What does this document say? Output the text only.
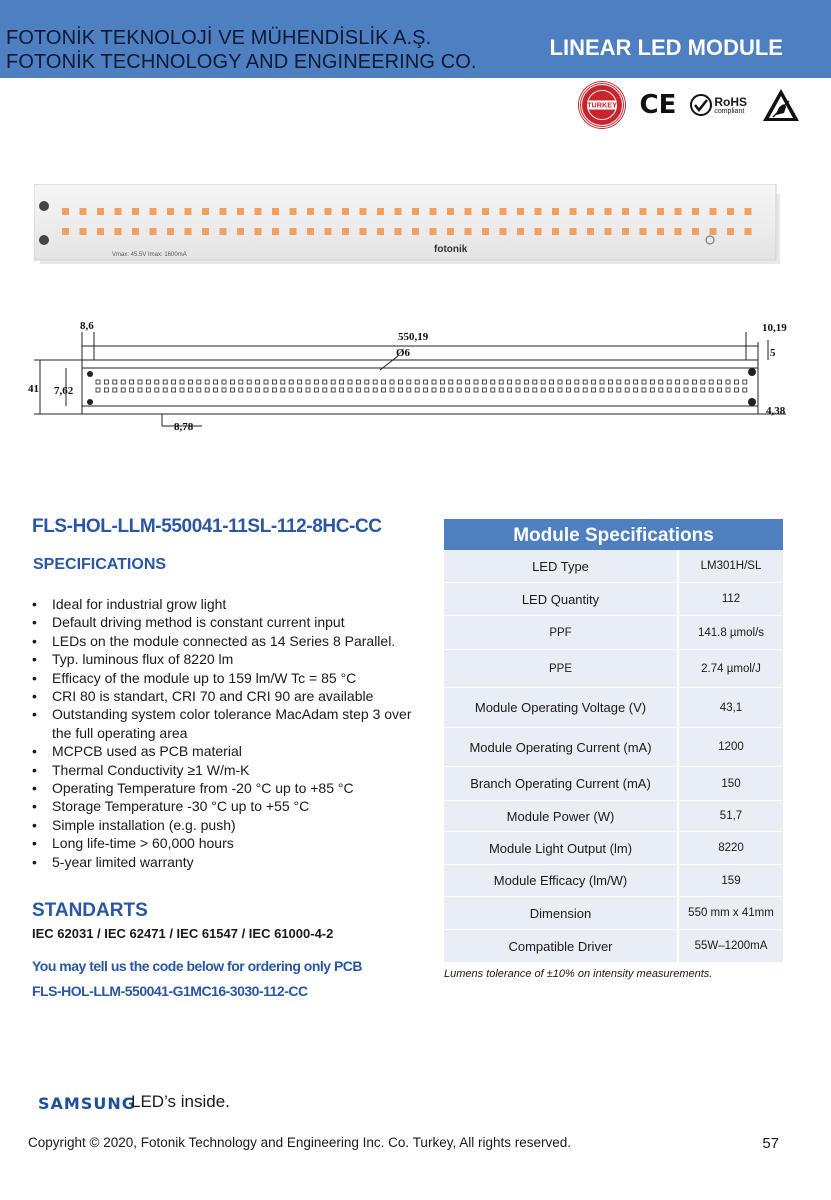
FOTONİK TEKNOLOJİ VE MÜHENDİSLİK A.Ş.
FOTONİK TECHNOLOGY AND ENGINEERING CO.
LINEAR LED MODULE
TURKEY CE	RoHS
compliant
Vmax: 45.5V Imax: 1600mA	fotonik
8,6
550,19
Ø6
10,19
5
41 7,62
8,78
4,38
FLS-HOL-LLM-550041-11SL-112-8HC-CC
SPECIFICATIONS
• Ideal for industrial grow light
• Default driving method is constant current input
• LEDs on the module connected as 14 Series 8 Parallel.
• Typ. luminous flux of 8220 lm
• Efficacy of the module up to 159 lm/W Tc = 85 °C
• CRI 80 is standart, CRI 70 and CRI 90 are available
• Outstanding system color tolerance MacAdam step 3 over the full operating area
• MCPCB used as PCB material
• Thermal Conductivity ≥1 W/m-K
• Operating Temperature from -20 °C up to +85 °C
• Storage Temperature -30 °C up to +55 °C
• Simple installation (e.g. push)
• Long life-time > 60,000 hours
• 5-year limited warranty
STANDARTS
IEC 62031 / IEC 62471 / IEC 61547 / IEC 61000-4-2
You may tell us the code below for ordering only PCB
FLS-HOL-LLM-550041-G1MC16-3030-112-CC
Module Specifications
LED Type	LM301H/SL
LED Quantity	112
PPF	141.8 µmol/s
PPE	2.74 µmol/J
Module Operating Voltage (V)	43,1
Module Operating Current (mA)	1200
Branch Operating Current (mA)	150
Module Power (W)	51,7
Module Light Output (lm)	8220
Module Efficacy (lm/W)	159
Dimension	550 mm x 41mm
Compatible Driver	55W–1200mA
Lumens tolerance of ±10% on intensity measurements.
SAMSUNG
LED’s inside.
Copyright © 2020, Fotonik Technology and Engineering Inc. Co. Turkey, All rights reserved.	57
